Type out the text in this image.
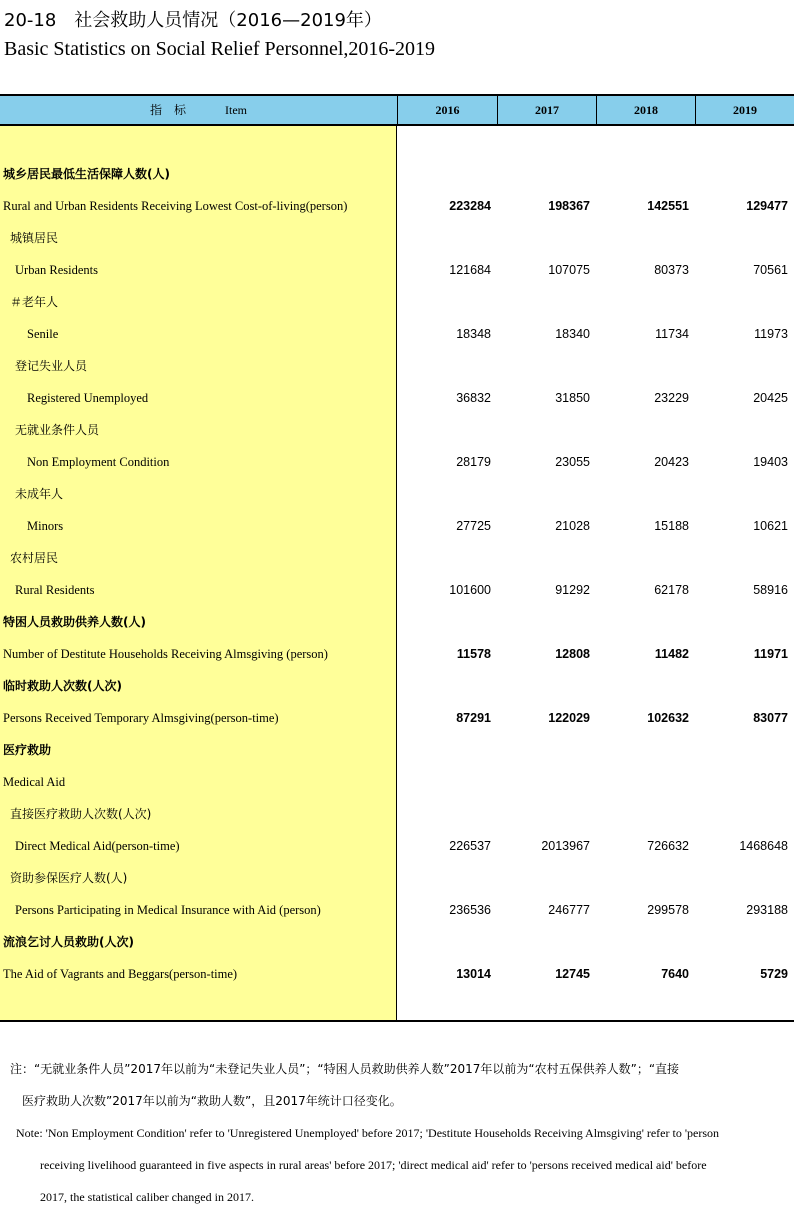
20-18　社会救助人员情况（2016—2019年）
Basic Statistics on Social Relief Personnel,2016-2019
指　标	Item	2016	2017	2018	2019
城乡居民最低生活保障人数(人)
Rural and Urban Residents Receiving Lowest Cost-of-living(person)	223284	198367	142551	129477
城镇居民
Urban Residents	121684	107075	80373	70561
＃老年人
Senile	18348	18340	11734	11973
登记失业人员
Registered Unemployed	36832	31850	23229	20425
无就业条件人员
Non Employment Condition	28179	23055	20423	19403
未成年人
Minors	27725	21028	15188	10621
农村居民
Rural Residents	101600	91292	62178	58916
特困人员救助供养人数(人)
Number of Destitute Households Receiving Almsgiving (person)	11578	12808	11482	11971
临时救助人次数(人次)
Persons Received Temporary Almsgiving(person-time)	87291	122029	102632	83077
医疗救助
Medical Aid
直接医疗救助人次数(人次)
Direct Medical Aid(person-time)	226537	2013967	726632	1468648
资助参保医疗人数(人)
Persons Participating in Medical Insurance with Aid (person)	236536	246777	299578	293188
流浪乞讨人员救助(人次)
The Aid of Vagrants and Beggars(person-time)	13014	12745	7640	5729
注：“无就业条件人员”2017年以前为“未登记失业人员”；“特困人员救助供养人数”2017年以前为“农村五保供养人数”；“直接
医疗救助人次数”2017年以前为“救助人数”，且2017年统计口径变化。
Note: 'Non Employment Condition' refer to 'Unregistered Unemployed' before 2017; 'Destitute Households Receiving Almsgiving' refer to 'person
receiving livelihood guaranteed in five aspects in rural areas' before 2017; 'direct medical aid' refer to 'persons received medical aid' before
2017, the statistical caliber changed in 2017.
